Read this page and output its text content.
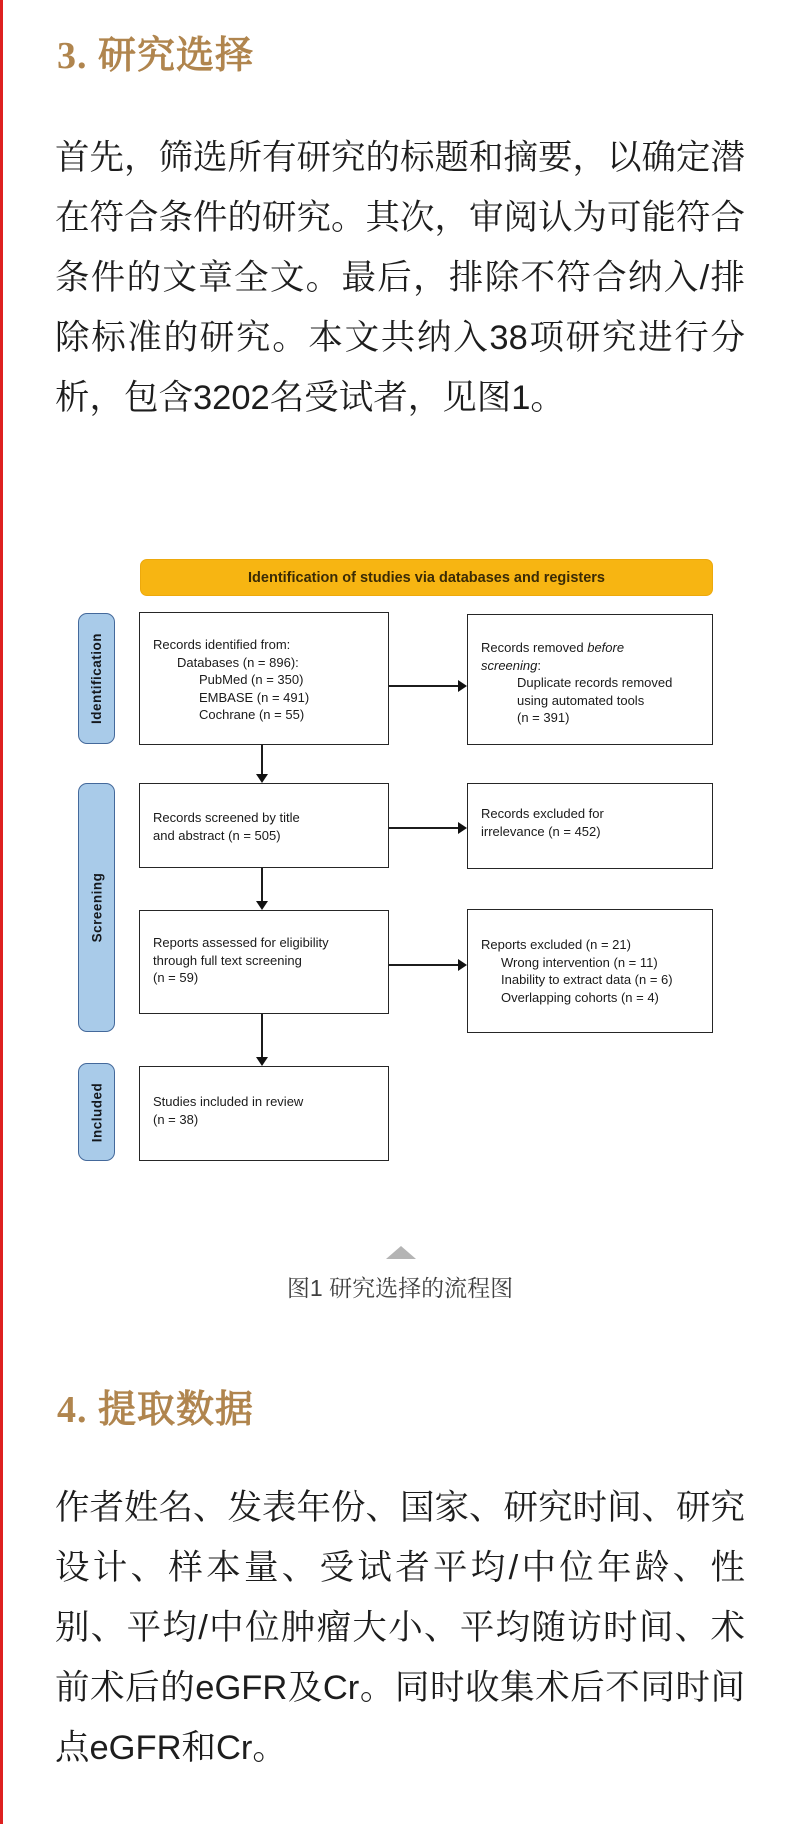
3. 研究选择

首先，筛选所有研究的标题和摘要，以确定潜在符合条件的研究。其次，审阅认为可能符合条件的文章全文。最后，排除不符合纳入/排除标准的研究。本文共纳入38项研究进行分析，包含3202名受试者，见图1。

Identification of studies via databases and registers
Identification
Screening
Included
Records identified from:
Databases (n = 896):
PubMed (n = 350)
EMBASE (n = 491)
Cochrane (n = 55)
Records removed before
screening:
Duplicate records removed
using automated tools
(n = 391)
Records screened by title
and abstract (n = 505)
Records excluded for
irrelevance (n = 452)
Reports assessed for eligibility
through full text screening
(n = 59)
Reports excluded (n = 21)
Wrong intervention (n = 11)
Inability to extract data (n = 6)
Overlapping cohorts (n = 4)
Studies included in review
(n = 38)
图1 研究选择的流程图
4. 提取数据

作者姓名、发表年份、国家、研究时间、研究设计、样本量、受试者平均/中位年龄、性别、平均/中位肿瘤大小、平均随访时间、术前术后的eGFR及Cr。同时收集术后不同时间点eGFR和Cr。
